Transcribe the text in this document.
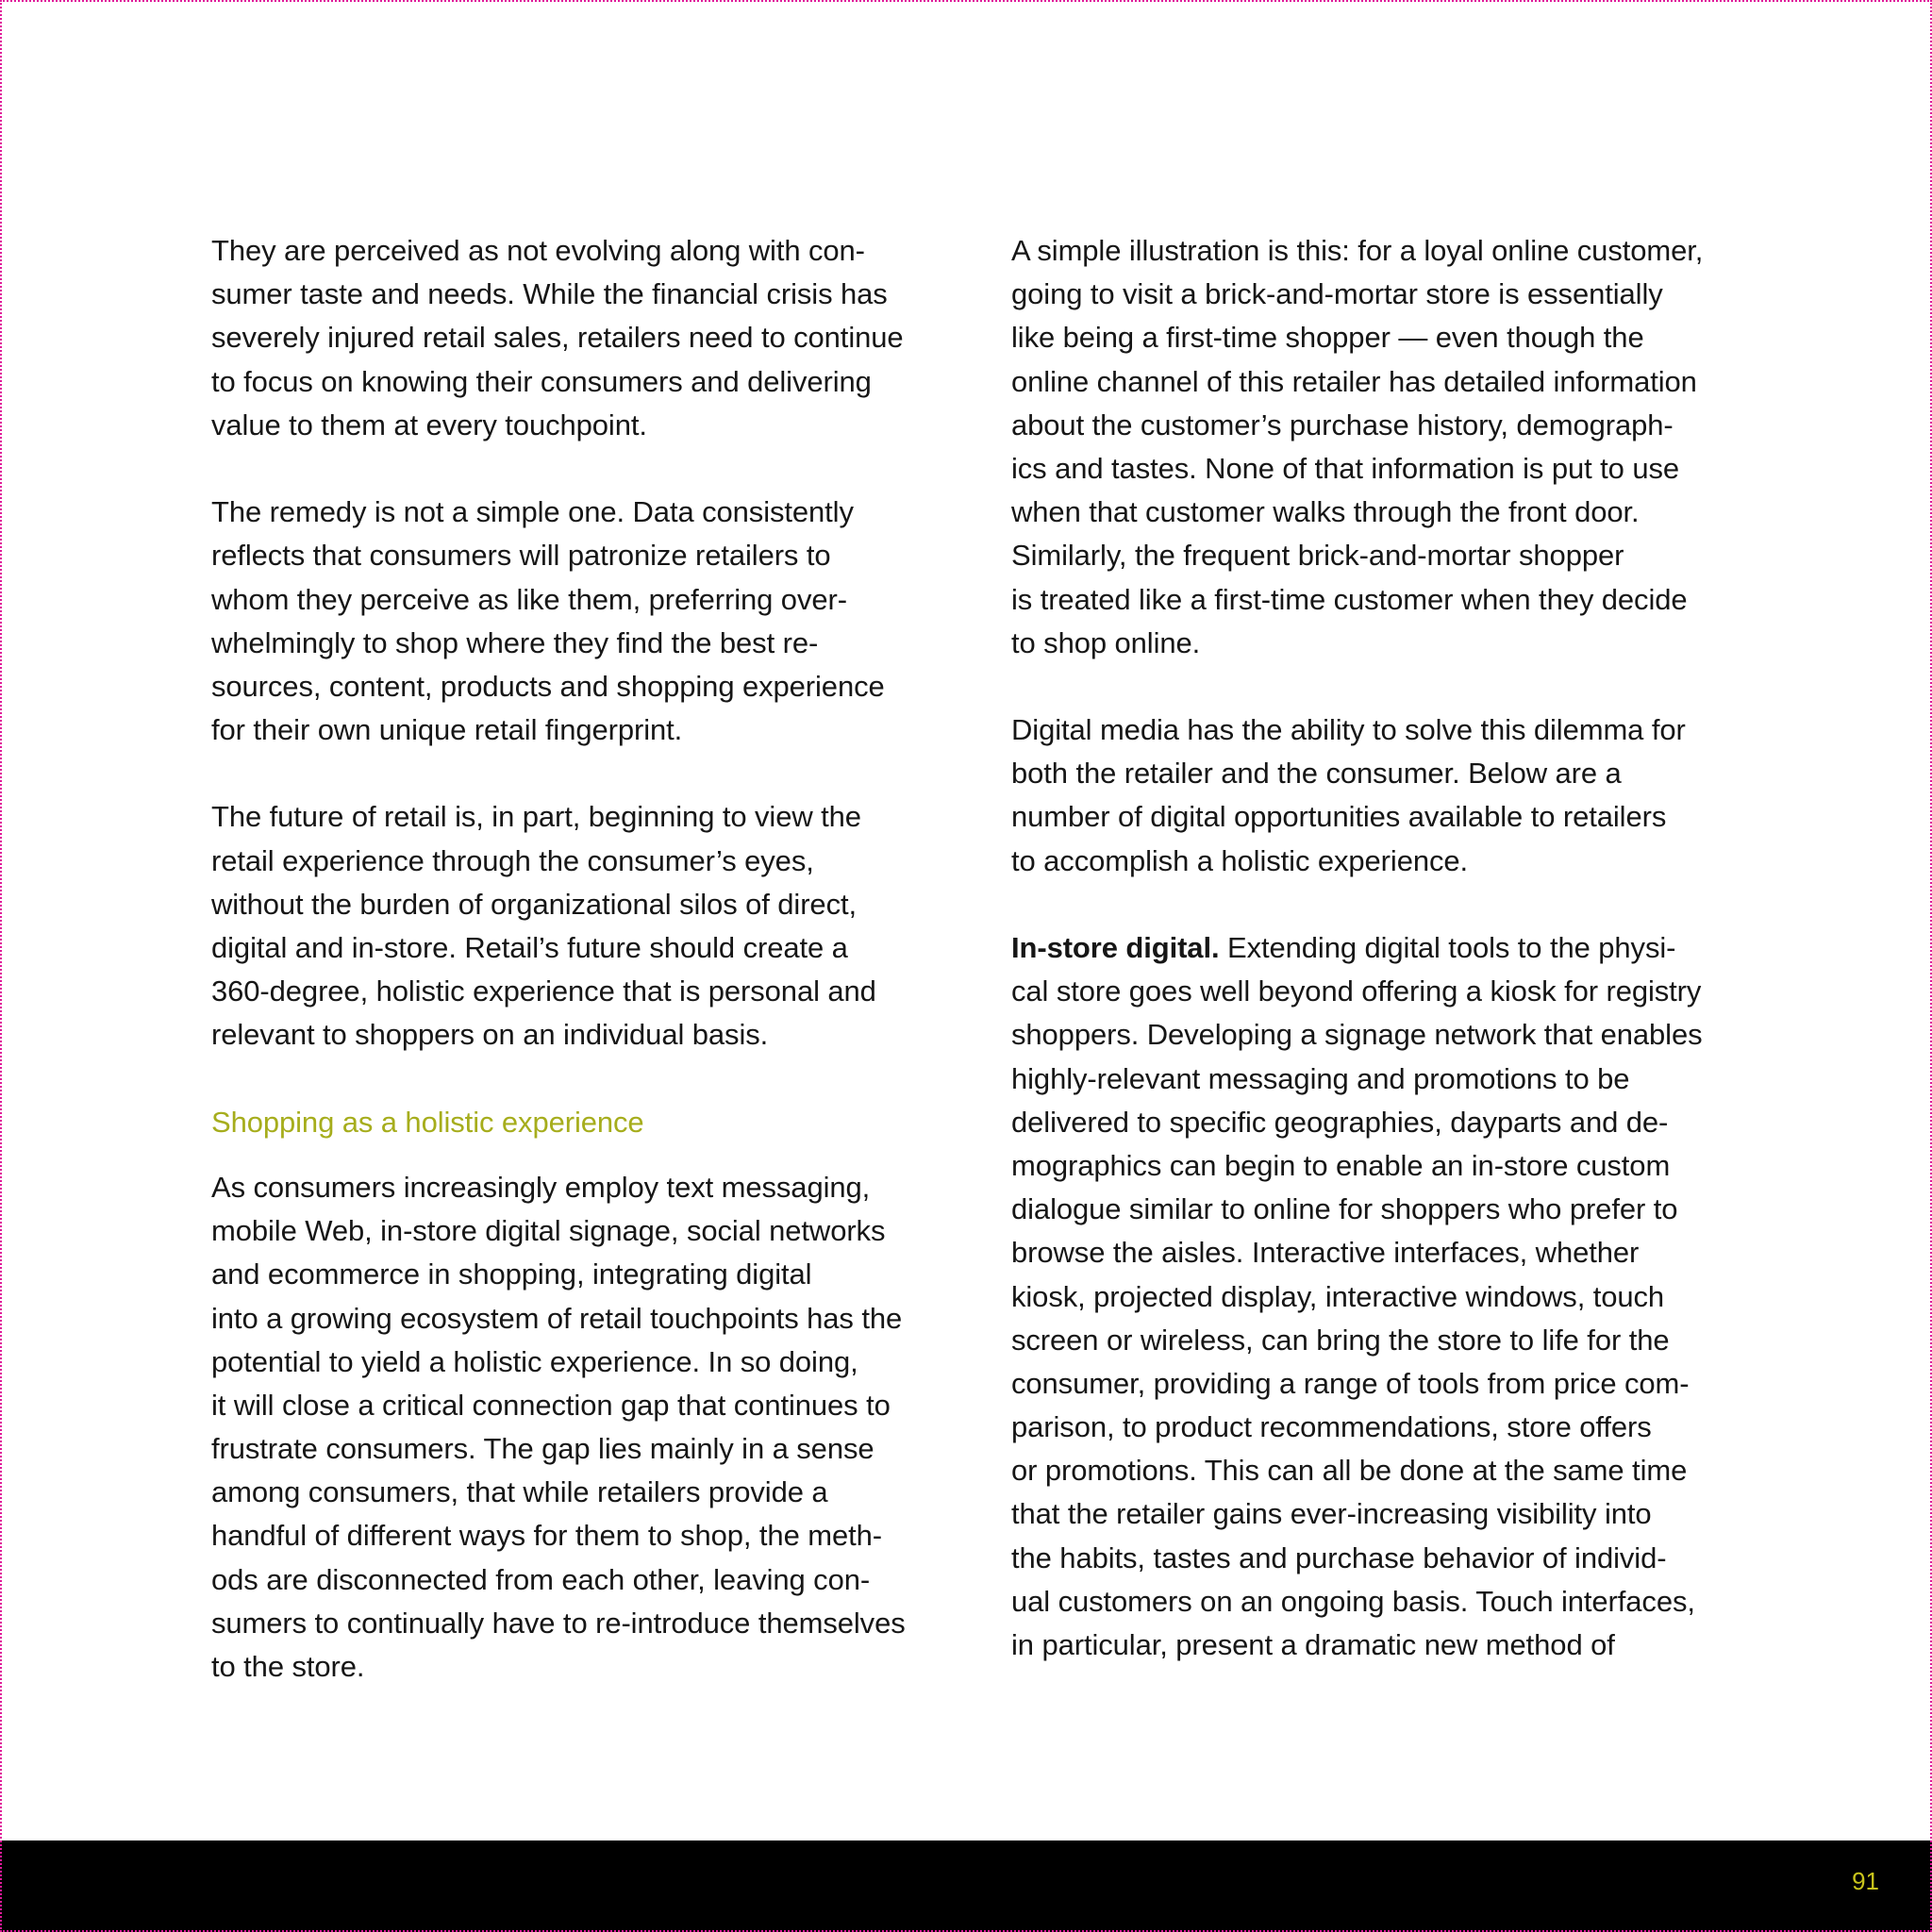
They are perceived as not evolving along with con-
sumer taste and needs. While the financial crisis has
severely injured retail sales, retailers need to continue
to focus on knowing their consumers and delivering
value to them at every touchpoint.
The remedy is not a simple one. Data consistently
reflects that consumers will patronize retailers to
whom they perceive as like them, preferring over-
whelmingly to shop where they find the best re-
sources, content, products and shopping experience
for their own unique retail fingerprint.
The future of retail is, in part, beginning to view the
retail experience through the consumer’s eyes,
without the burden of organizational silos of direct,
digital and in-store. Retail’s future should create a
360-degree, holistic experience that is personal and
relevant to shoppers on an individual basis.
Shopping as a holistic experience
As consumers increasingly employ text messaging,
mobile Web, in-store digital signage, social networks
and ecommerce in shopping, integrating digital
into a growing ecosystem of retail touchpoints has the
potential to yield a holistic experience. In so doing,
it will close a critical connection gap that continues to
frustrate consumers. The gap lies mainly in a sense
among consumers, that while retailers provide a
handful of different ways for them to shop, the meth-
ods are disconnected from each other, leaving con-
sumers to continually have to re-introduce themselves
to the store.
A simple illustration is this: for a loyal online customer,
going to visit a brick-and-mortar store is essentially
like being a first-time shopper — even though the
online channel of this retailer has detailed information
about the customer’s purchase history, demograph-
ics and tastes. None of that information is put to use
when that customer walks through the front door.
Similarly, the frequent brick-and-mortar shopper
is treated like a first-time customer when they decide
to shop online.
Digital media has the ability to solve this dilemma for
both the retailer and the consumer. Below are a
number of digital opportunities available to retailers
to accomplish a holistic experience.
In-store digital. Extending digital tools to the physi-
cal store goes well beyond offering a kiosk for registry
shoppers. Developing a signage network that enables
highly-relevant messaging and promotions to be
delivered to specific geographies, dayparts and de-
mographics can begin to enable an in-store custom
dialogue similar to online for shoppers who prefer to
browse the aisles. Interactive interfaces, whether
kiosk, projected display, interactive windows, touch
screen or wireless, can bring the store to life for the
consumer, providing a range of tools from price com-
parison, to product recommendations, store offers
or promotions. This can all be done at the same time
that the retailer gains ever-increasing visibility into
the habits, tastes and purchase behavior of individ-
ual customers on an ongoing basis. Touch interfaces,
in particular, present a dramatic new method of
91
